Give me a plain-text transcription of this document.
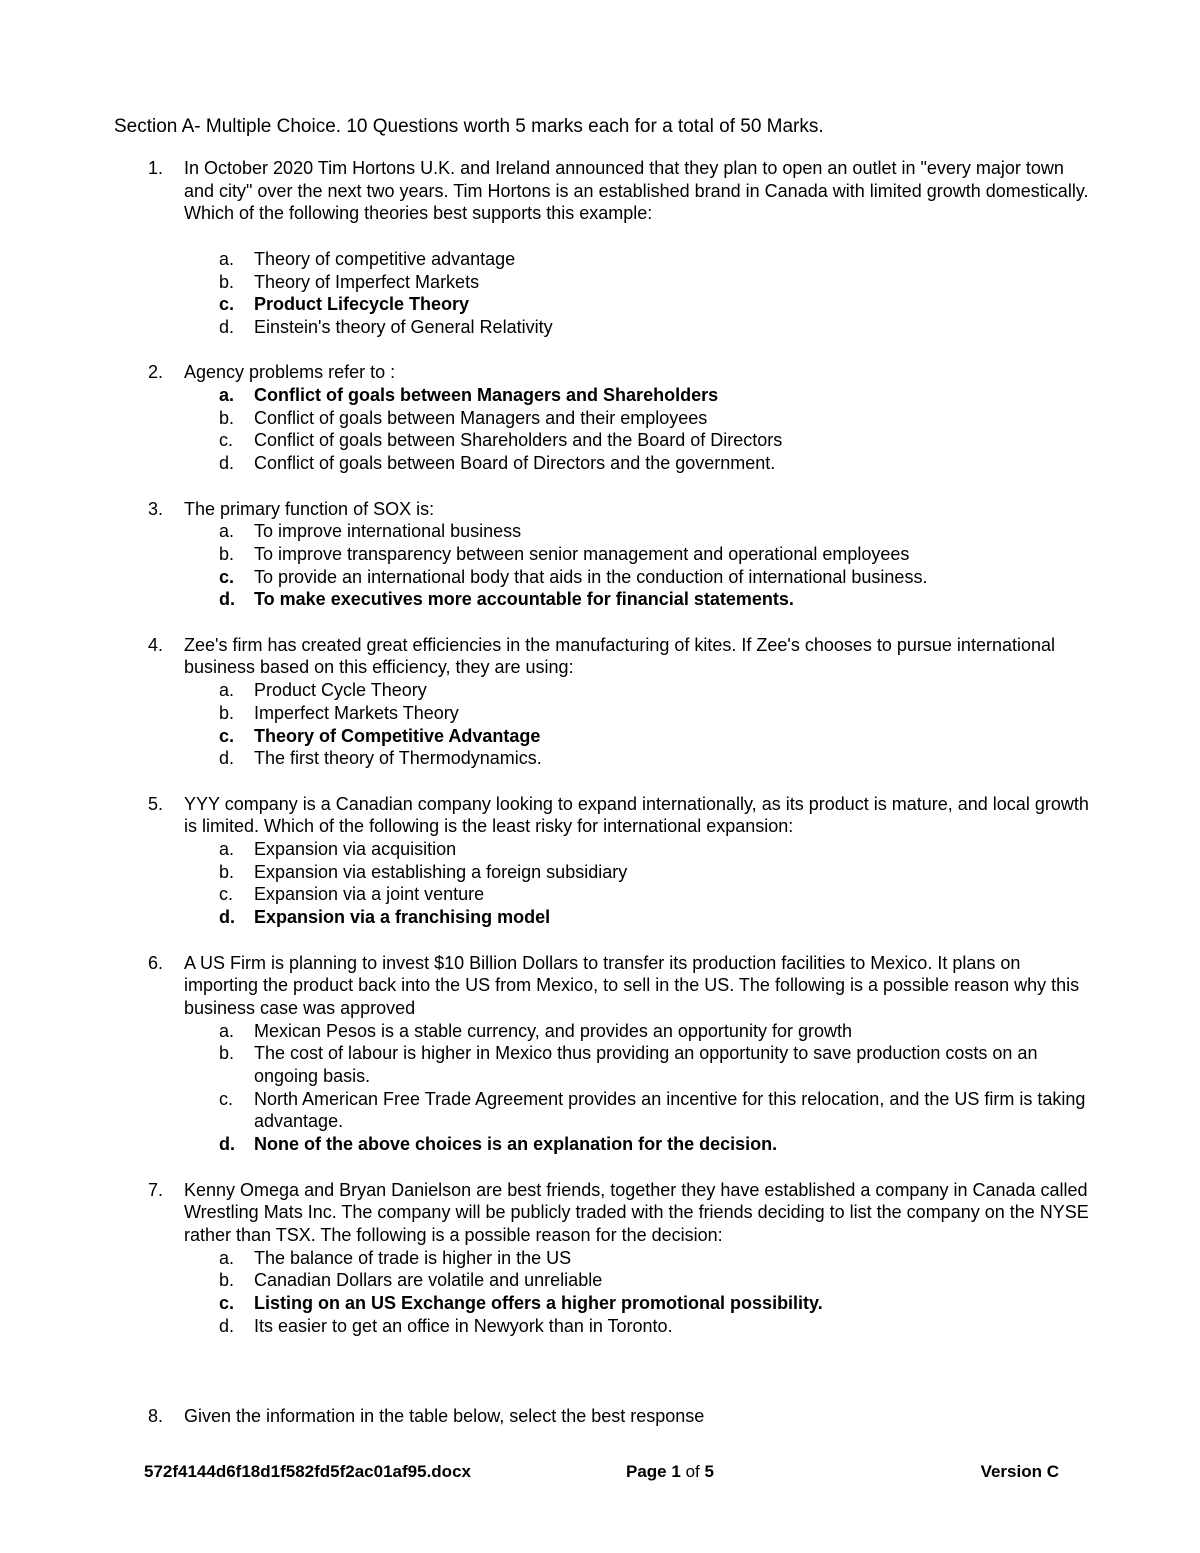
Section A- Multiple Choice. 10 Questions worth 5 marks each for a total of 50 Marks.
1. In October 2020 Tim Hortons U.K. and Ireland announced that they plan to open an outlet in "every major town and city" over the next two years. Tim Hortons is an established brand in Canada with limited growth domestically. Which of the following theories best supports this example:
a. Theory of competitive advantage
b. Theory of Imperfect Markets
c. Product Lifecycle Theory
d. Einstein's theory of General Relativity
2. Agency problems refer to :
a. Conflict of goals between Managers and Shareholders
b. Conflict of goals between Managers and their employees
c. Conflict of goals between Shareholders and the Board of Directors
d. Conflict of goals between Board of Directors and the government.
3. The primary function of SOX is:
a. To improve international business
b. To improve transparency between senior management and operational employees
c. To provide an international body that aids in the conduction of international business.
d. To make executives more accountable for financial statements.
4. Zee's firm has created great efficiencies in the manufacturing of kites. If Zee's chooses to pursue international business based on this efficiency, they are using:
a. Product Cycle Theory
b. Imperfect Markets Theory
c. Theory of Competitive Advantage
d. The first theory of Thermodynamics.
5. YYY company is a Canadian company looking to expand internationally, as its product is mature, and local growth is limited. Which of the following is the least risky for international expansion:
a. Expansion via acquisition
b. Expansion via establishing a foreign subsidiary
c. Expansion via a joint venture
d. Expansion via a franchising model
6. A US Firm is planning to invest $10 Billion Dollars to transfer its production facilities to Mexico. It plans on importing the product back into the US from Mexico, to sell in the US. The following is a possible reason why this business case was approved
a. Mexican Pesos is a stable currency, and provides an opportunity for growth
b. The cost of labour is higher in Mexico thus providing an opportunity to save production costs on an ongoing basis.
c. North American Free Trade Agreement provides an incentive for this relocation, and the US firm is taking advantage.
d. None of the above choices is an explanation for the decision.
7. Kenny Omega and Bryan Danielson are best friends, together they have established a company in Canada called Wrestling Mats Inc. The company will be publicly traded with the friends deciding to list the company on the NYSE rather than TSX. The following is a possible reason for the decision:
a. The balance of trade is higher in the US
b. Canadian Dollars are volatile and unreliable
c. Listing on an US Exchange offers a higher promotional possibility.
d. Its easier to get an office in Newyork than in Toronto.
8. Given the information in the table below, select the best response
572f4144d6f18d1f582fd5f2ac01af95.docx	Page 1 of 5	Version C
